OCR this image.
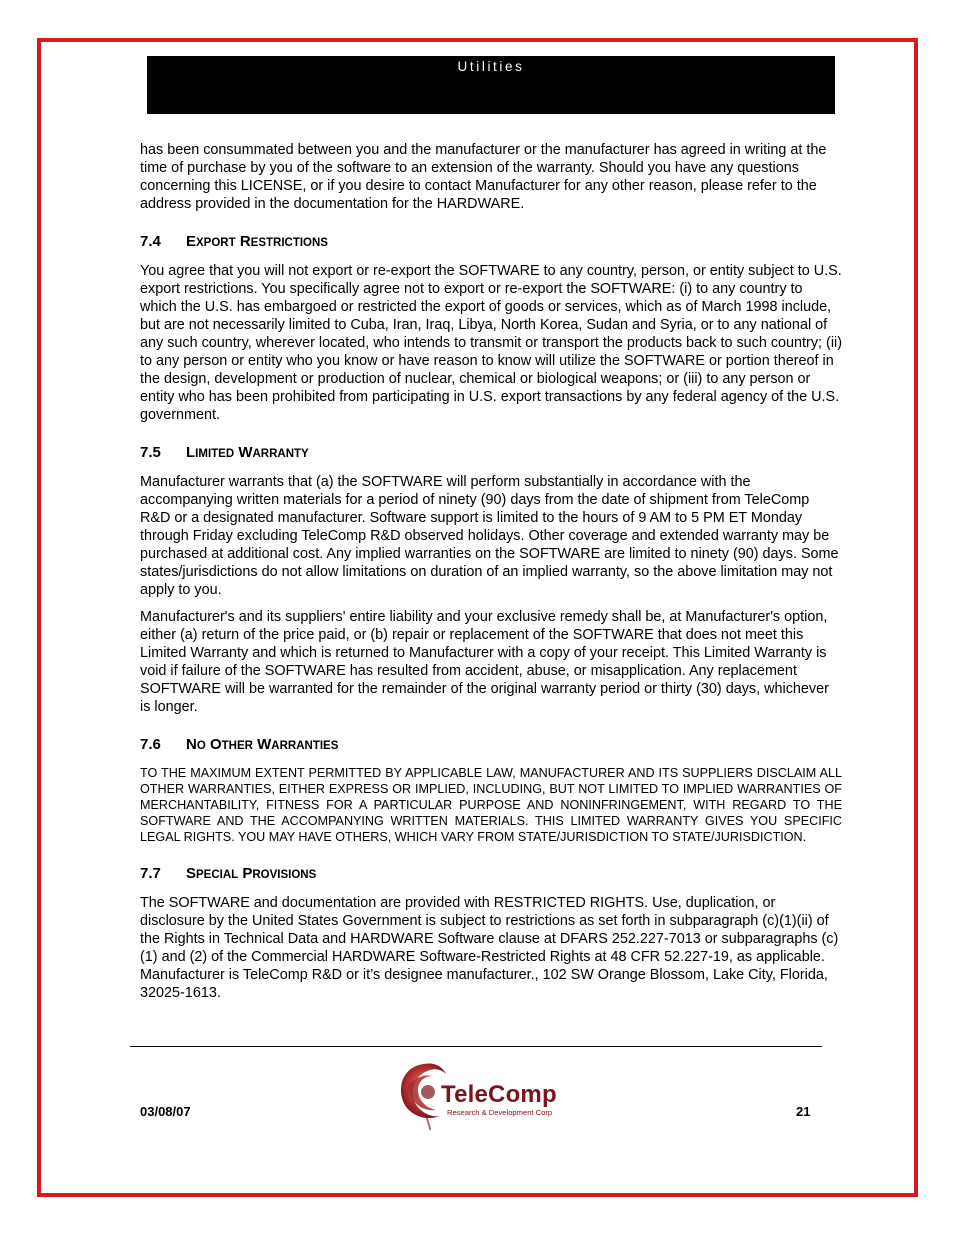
Utilities

has been consummated between you and the manufacturer or the manufacturer has agreed in writing at the time of purchase by you of the software to an extension of the warranty. Should you have any questions concerning this LICENSE, or if you desire to contact Manufacturer for any other reason, please refer to the address provided in the documentation for the HARDWARE.

7.4 EXPORT RESTRICTIONS

You agree that you will not export or re-export the SOFTWARE to any country, person, or entity subject to U.S. export restrictions. You specifically agree not to export or re-export the SOFTWARE: (i) to any country to which the U.S. has embargoed or restricted the export of goods or services, which as of March 1998 include, but are not necessarily limited to Cuba, Iran, Iraq, Libya, North Korea, Sudan and Syria, or to any national of any such country, wherever located, who intends to transmit or transport the products back to such country; (ii) to any person or entity who you know or have reason to know will utilize the SOFTWARE or portion thereof in the design, development or production of nuclear, chemical or biological weapons; or (iii) to any person or entity who has been prohibited from participating in U.S. export transactions by any federal agency of the U.S. government.

7.5 LIMITED WARRANTY

Manufacturer warrants that (a) the SOFTWARE will perform substantially in accordance with the accompanying written materials for a period of ninety (90) days from the date of shipment from TeleComp R&D or a designated manufacturer. Software support is limited to the hours of 9 AM to 5 PM ET Monday through Friday excluding TeleComp R&D observed holidays. Other coverage and extended warranty may be purchased at additional cost. Any implied warranties on the SOFTWARE are limited to ninety (90) days. Some states/jurisdictions do not allow limitations on duration of an implied warranty, so the above limitation may not apply to you.

Manufacturer's and its suppliers' entire liability and your exclusive remedy shall be, at Manufacturer's option, either (a) return of the price paid, or (b) repair or replacement of the SOFTWARE that does not meet this Limited Warranty and which is returned to Manufacturer with a copy of your receipt. This Limited Warranty is void if failure of the SOFTWARE has resulted from accident, abuse, or misapplication. Any replacement SOFTWARE will be warranted for the remainder of the original warranty period or thirty (30) days, whichever is longer.

7.6 NO OTHER WARRANTIES

TO THE MAXIMUM EXTENT PERMITTED BY APPLICABLE LAW, MANUFACTURER AND ITS SUPPLIERS DISCLAIM ALL OTHER WARRANTIES, EITHER EXPRESS OR IMPLIED, INCLUDING, BUT NOT LIMITED TO IMPLIED WARRANTIES OF MERCHANTABILITY, FITNESS FOR A PARTICULAR PURPOSE AND NONINFRINGEMENT, WITH REGARD TO THE SOFTWARE AND THE ACCOMPANYING WRITTEN MATERIALS. THIS LIMITED WARRANTY GIVES YOU SPECIFIC LEGAL RIGHTS. YOU MAY HAVE OTHERS, WHICH VARY FROM STATE/JURISDICTION TO STATE/JURISDICTION.

7.7 SPECIAL PROVISIONS

The SOFTWARE and documentation are provided with RESTRICTED RIGHTS. Use, duplication, or disclosure by the United States Government is subject to restrictions as set forth in subparagraph (c)(1)(ii) of the Rights in Technical Data and HARDWARE Software clause at DFARS 252.227-7013 or subparagraphs (c)(1) and (2) of the Commercial HARDWARE Software-Restricted Rights at 48 CFR 52.227-19, as applicable. Manufacturer is TeleComp R&D or it’s designee manufacturer., 102 SW Orange Blossom, Lake City, Florida, 32025-1613.

03/08/07
TeleComp
Research & Development Corp	21
